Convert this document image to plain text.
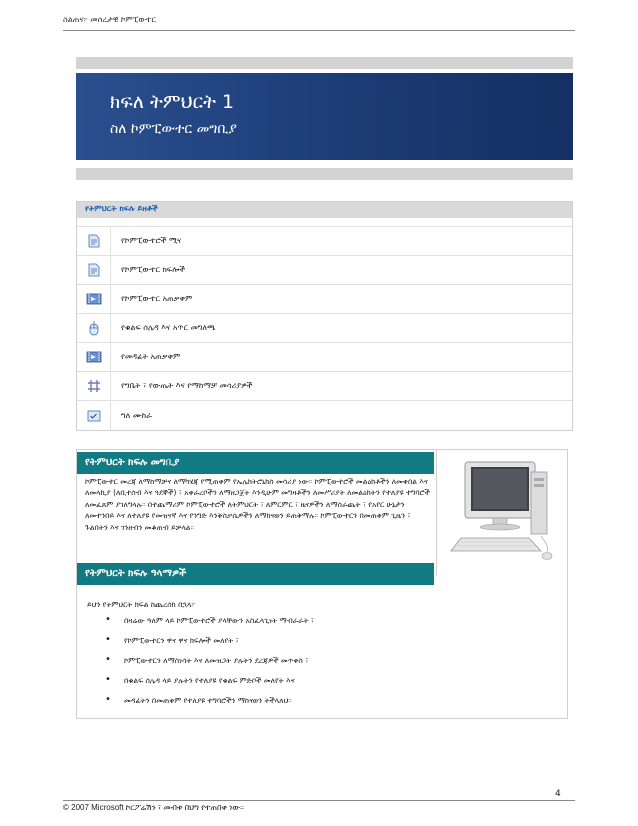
ስልጠና፦ መሰረታዊ ኮምፒውተር
ክፍለ ትምህርት 1
ስለ ኮምፒውተር መግቢያ
የትምህርት ክፍሉ ይዘቶች
የኮምፒውተሮች ሚና
የኮምፒውተር ክፍሎች
የኮምፒውተር አጠቃቀም
የቁልፍ ሰሌዳ እና አጥር መግለጫ
የመዳፊት አጠቃቀም
የግቤት ፣ የውጤት እና የማከማቻ መሳሪያዎች
ግለ ሙከራ
የትምህርት ክፍሉ መግቢያ
ኮምፒውተር መረጃ ለማከማቻና ለማካሄጃ የሚጠቀም የኤሌክትሮኒክስ መሳሪያ ነው። ኮምፒውተሮች መልዕክቶችን ለመቀበል እና ለመላኪያ (ለቢተሰብ እና ጓደኞች) ፣ አቀራረቦችን ለማዘጋጀት እንዲሁም መግዛቶችን ለመሥሪያት ለመልዕክትን የተለያዩ ተግባሮች ለመፈጸም ያገለግላሉ። በተጨማሪም ኮምፒውተሮች ለትምህርት ፣ ለምርምር ፣ ዜናዎችን ለማሰራጨት ፣ የአየር ሁኔታን ለመተንበይ እና ለተለያዩ የመዝናኛ እና የንግድ እንቅስቃሴዎችን ለማከናወን ይጠቅማሉ። ኮምፒውተርን በመጠቀም ጊዜን ፣ ጉልበትን እና ገንዘብን መቆጠብ ይቻላል።
የትምህርት ክፍሉ ዓላማዎች
ይህን የትምህርት ክፍል ከጨረሰክ በኋላ፦
• በዛሬው ዓለም ላይ ኮምፒውተሮች ያላቸውን አስፈላጊነት ማብራራት ፣
• የኮምፒውተርን ዋና ዋና ክፍሎች መለየት ፣
• ኮምፒውተርን ለማስነሳት እና ለመዝጋት ያሉትን ደረጃዎች መጥቀስ ፣
• በቁልፍ ሰሌዳ ላይ ያሉትን የተለያዩ የቁልፍ ምድቦች መለየት እና
• መዳፊትን በመጠቀም የተለያዩ ተግባሮችን ማከናወን ትችላለህ።
4
© 2007 Microsoft ኮርፖሬሽን ፣ መብቱ በህግ የተጠበቀ ነው።
